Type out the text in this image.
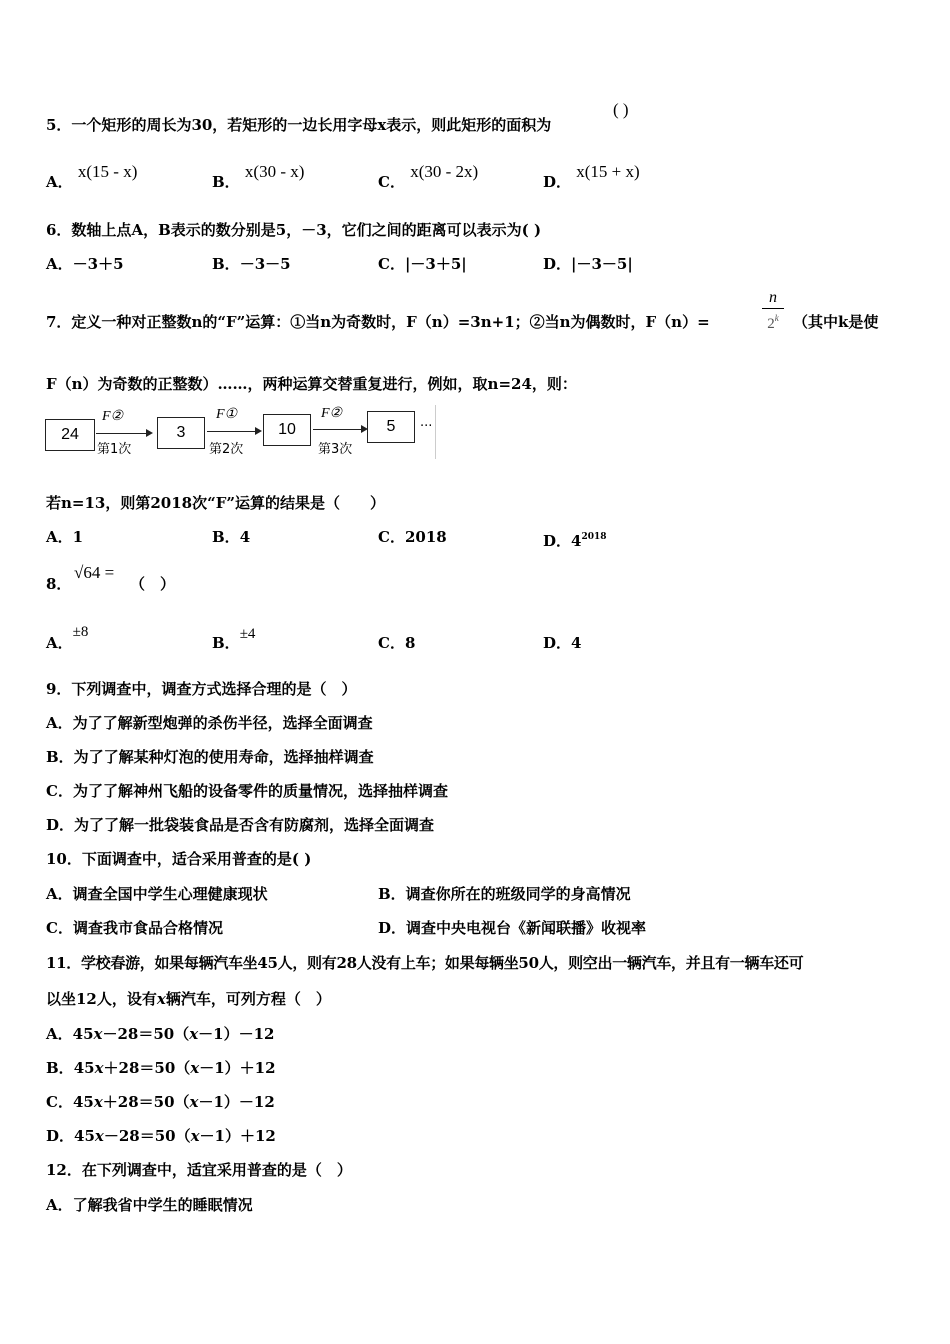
5．一个矩形的周长为30，若矩形的一边长用字母x表示，则此矩形的面积为
( )
A． x(15 - x)
B． x(30 - x)
C． x(30 - 2x)
D． x(15 + x)
6．数轴上点A，B表示的数分别是5，－3，它们之间的距离可以表示为( )
A．－3＋5	B．－3－5	C．|－3＋5|	D．|－3－5|
7．定义一种对正整数n的“F”运算：①当n为奇数时，F（n）=3n+1；②当n为偶数时，F（n）=	$\frac{n}{2^k}$ （其中k是使
F（n）为奇数的正整数）……，两种运算交替重复进行，例如，取n=24，则：
24
F②
第1次
3
F①
第2次
10
F②
第3次
5	···
若n=13，则第2018次“F”运算的结果是（　　）
A．1	B．4	C．2018	D．$4^{2018}$
8．
√64 =
（　）
A．±8
B．±4	C．8	D．4
9．下列调查中，调查方式选择合理的是（　）
A．为了了解新型炮弹的杀伤半径，选择全面调查
B．为了了解某种灯泡的使用寿命，选择抽样调查
C．为了了解神州飞船的设备零件的质量情况，选择抽样调查
D．为了了解一批袋装食品是否含有防腐剂，选择全面调查
10．下面调查中，适合采用普查的是( )
A．调查全国中学生心理健康现状	B．调查你所在的班级同学的身高情况
C．调查我市食品合格情况	D．调查中央电视台《新闻联播》收视率
11．学校春游，如果每辆汽车坐45人，则有28人没有上车；如果每辆坐50人，则空出一辆汽车，并且有一辆车还可
以坐12人，设有x辆汽车，可列方程（　）
A．45x－28＝50（x－1）－12
B．45x＋28＝50（x－1）＋12
C．45x＋28＝50（x－1）－12
D．45x－28＝50（x－1）＋12
12．在下列调查中，适宜采用普查的是（　）
A．了解我省中学生的睡眠情况
